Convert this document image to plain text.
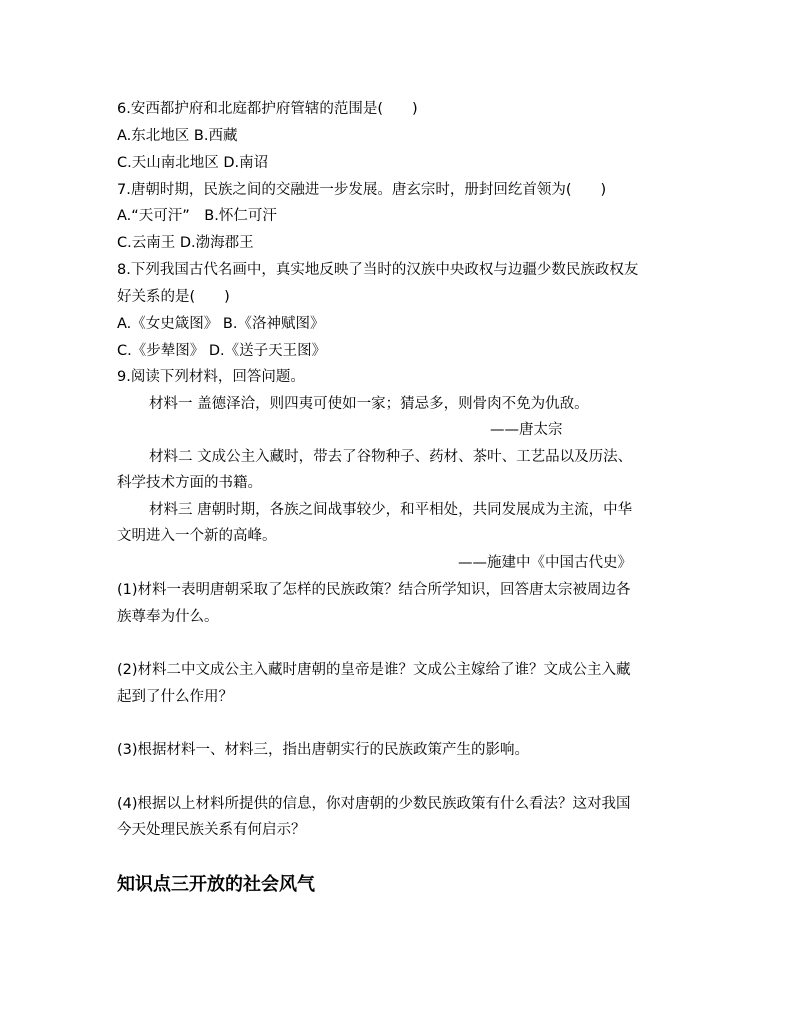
6.安西都护府和北庭都护府管辖的范围是(　　)
A.东北地区 B.西藏
C.天山南北地区 D.南诏
7.唐朝时期，民族之间的交融进一步发展。唐玄宗时，册封回纥首领为(　　)
A.“天可汗”　B.怀仁可汗
C.云南王 D.渤海郡王
8.下列我国古代名画中，真实地反映了当时的汉族中央政权与边疆少数民族政权友
好关系的是(　　)
A.《女史箴图》 B.《洛神赋图》
C.《步辇图》 D.《送子天王图》
9.阅读下列材料，回答问题。
材料一 盖德泽洽，则四夷可使如一家；猜忌多，则骨肉不免为仇敌。
——唐太宗
材料二 文成公主入藏时，带去了谷物种子、药材、茶叶、工艺品以及历法、
科学技术方面的书籍。
材料三 唐朝时期，各族之间战事较少，和平相处，共同发展成为主流，中华
文明进入一个新的高峰。
——施建中《中国古代史》
(1)材料一表明唐朝采取了怎样的民族政策？结合所学知识，回答唐太宗被周边各
族尊奉为什么。
(2)材料二中文成公主入藏时唐朝的皇帝是谁？文成公主嫁给了谁？文成公主入藏
起到了什么作用？
(3)根据材料一、材料三，指出唐朝实行的民族政策产生的影响。
(4)根据以上材料所提供的信息，你对唐朝的少数民族政策有什么看法？这对我国
今天处理民族关系有何启示？
知识点三开放的社会风气
